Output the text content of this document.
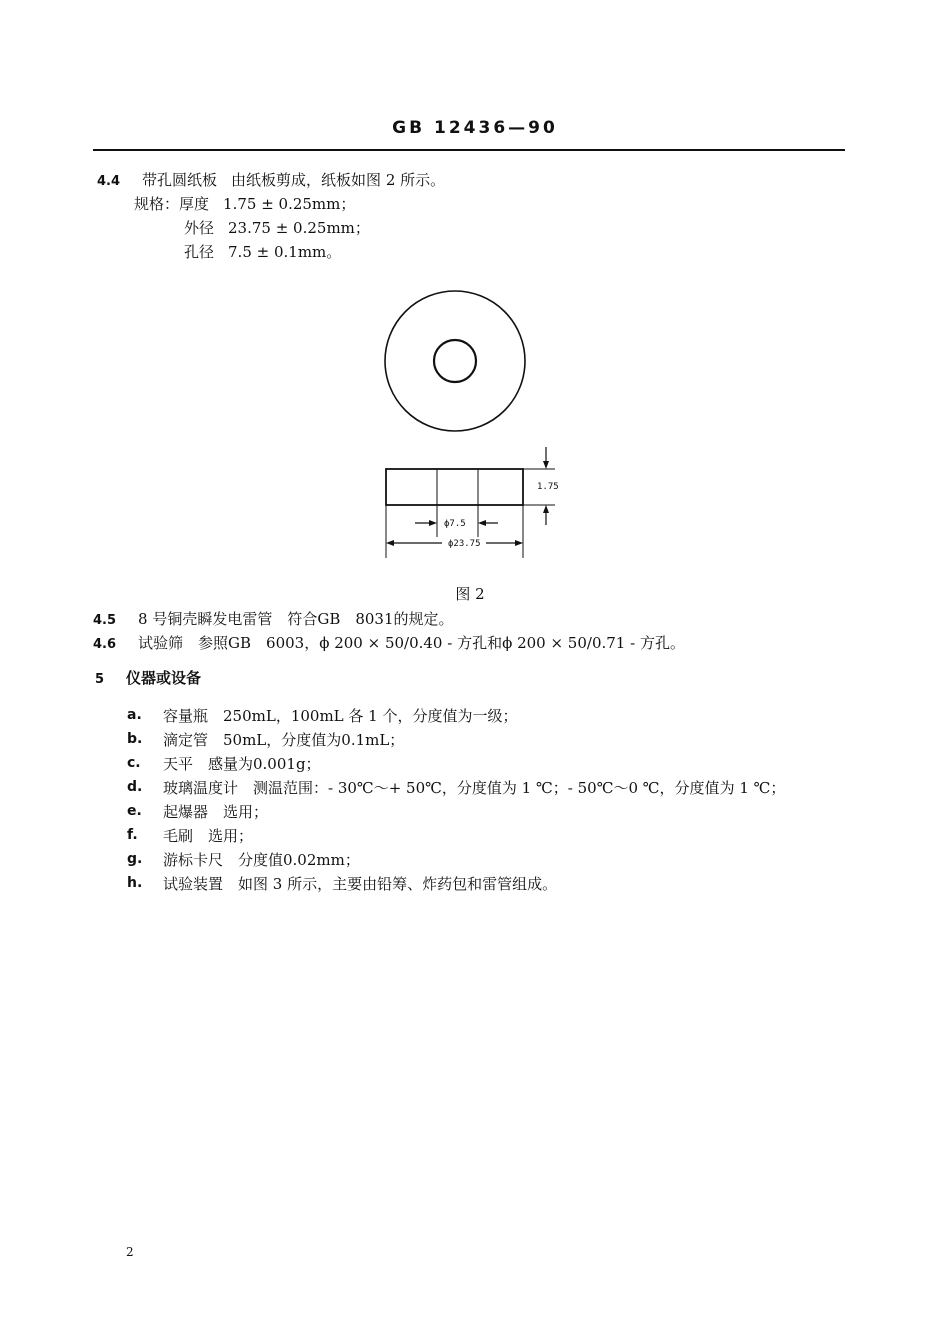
GB 12436—90
4.4 带孔圆纸板 由纸板剪成，纸板如图 2 所示。
规格：厚度 1.75 ± 0.25mm；
外径 23.75 ± 0.25mm；
孔径 7.5 ± 0.1mm。
1.75
ϕ7.5
ϕ23.75
图 2
4.5 8 号铜壳瞬发电雷管　符合GB　8031的规定。
4.6 试验筛　参照GB　6003，ϕ 200 × 50/0.40 - 方孔和ϕ 200 × 50/0.71 - 方孔。
5 仪器或设备
a. 容量瓶　250mL，100mL 各 1 个，分度值为一级；
b. 滴定管　50mL，分度值为0.1mL；
c. 天平　感量为0.001g；
d. 玻璃温度计　测温范围：- 30℃～+ 50℃，分度值为 1 ℃；- 50℃～0 ℃，分度值为 1 ℃；
e. 起爆器　选用；
f. 毛刷　选用；
g. 游标卡尺　分度值0.02mm；
h. 试验装置　如图 3 所示，主要由铅筹、炸药包和雷管组成。
2
